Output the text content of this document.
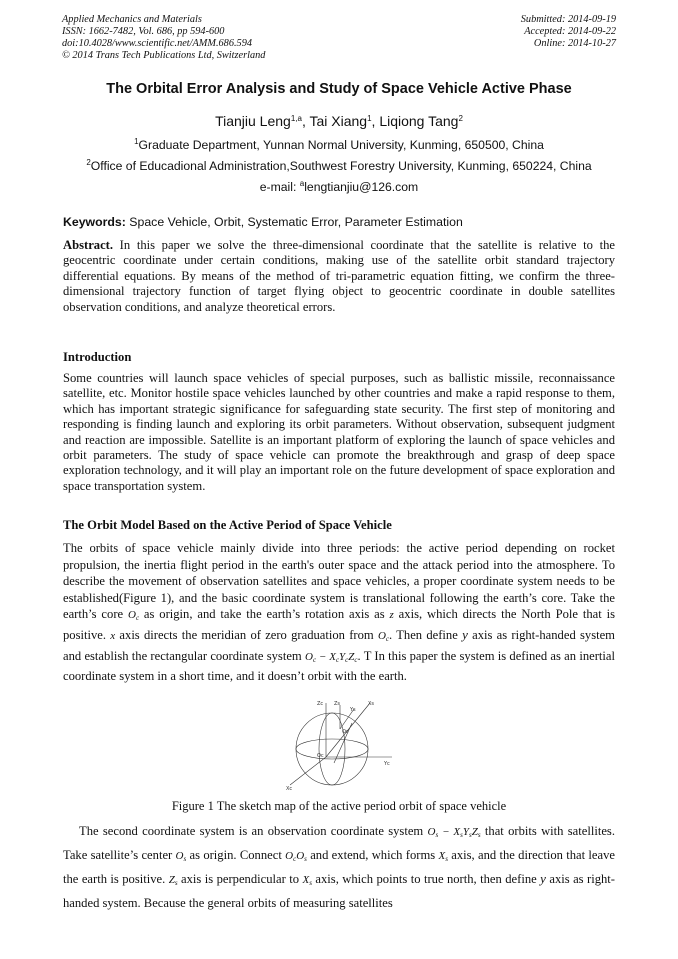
Applied Mechanics and Materials
ISSN: 1662-7482, Vol. 686, pp 594-600
doi:10.4028/www.scientific.net/AMM.686.594
© 2014 Trans Tech Publications Ltd, Switzerland
Submitted: 2014-09-19
Accepted: 2014-09-22
Online: 2014-10-27
The Orbital Error Analysis and Study of Space Vehicle Active Phase
Tianjiu Leng$^{1,a}$, Tai Xiang$^1$, Liqiong Tang$^2$
$^1$Graduate Department, Yunnan Normal University, Kunming, 650500, China
$^2$Office of Educadional Administration,Southwest Forestry University, Kunming, 650224, China
e-mail: $^a$lengtianjiu@126.com
Keywords: Space Vehicle, Orbit, Systematic Error, Parameter Estimation
Abstract. In this paper we solve the three-dimensional coordinate that the satellite is relative to the geocentric coordinate under certain conditions, making use of the satellite orbit standard trajectory differential equations. By means of the method of tri-parametric equation fitting, we confirm the three-dimensional trajectory function of target flying object to geocentric coordinate in double satellites observation conditions, and analyze theoretical errors.
Introduction
Some countries will launch space vehicles of special purposes, such as ballistic missile, reconnaissance satellite, etc. Monitor hostile space vehicles launched by other countries and make a rapid response to them, which has important strategic significance for safeguarding state security. The first step of monitoring and responding is finding launch and exploring its orbit parameters. Without observation, subsequent judgment and reaction are impossible. Satellite is an important platform of exploring the launch of space vehicles and orbit parameters. The study of space vehicle can promote the breakthrough and grasp of deep space exploration technology, and it will play an important role on the future development of space exploration and space transportation system.
The Orbit Model Based on the Active Period of Space Vehicle
The orbits of space vehicle mainly divide into three periods: the active period depending on rocket propulsion, the inertia flight period in the earth's outer space and the attack period into the atmosphere. To describe the movement of observation satellites and space vehicles, a proper coordinate system needs to be established(Figure 1), and the basic coordinate system is translational following the earth’s core. Take the earth’s core $O_c$ as origin, and take the earth’s rotation axis as z axis, which directs the North Pole that is positive. x axis directs the meridian of zero graduation from $O_c$. Then define y axis as right-handed system and establish the rectangular coordinate system $O_c - X_cY_cZ_c$. T In this paper the system is defined as an inertial coordinate system in a short time, and it doesn’t orbit with the earth.
Zc Zs
Ys
Xs
Yc
Xc
Oc
Os
Figure 1 The sketch map of the active period orbit of space vehicle
The second coordinate system is an observation coordinate system $O_s - X_sY_sZ_s$ that orbits with satellites. Take satellite’s center $O_s$ as origin. Connect $O_cO_s$ and extend, which forms $X_s$ axis, and the direction that leave the earth is positive. $Z_s$ axis is perpendicular to $X_s$ axis, which points to true north, then define y axis as right-handed system. Because the general orbits of measuring satellites
